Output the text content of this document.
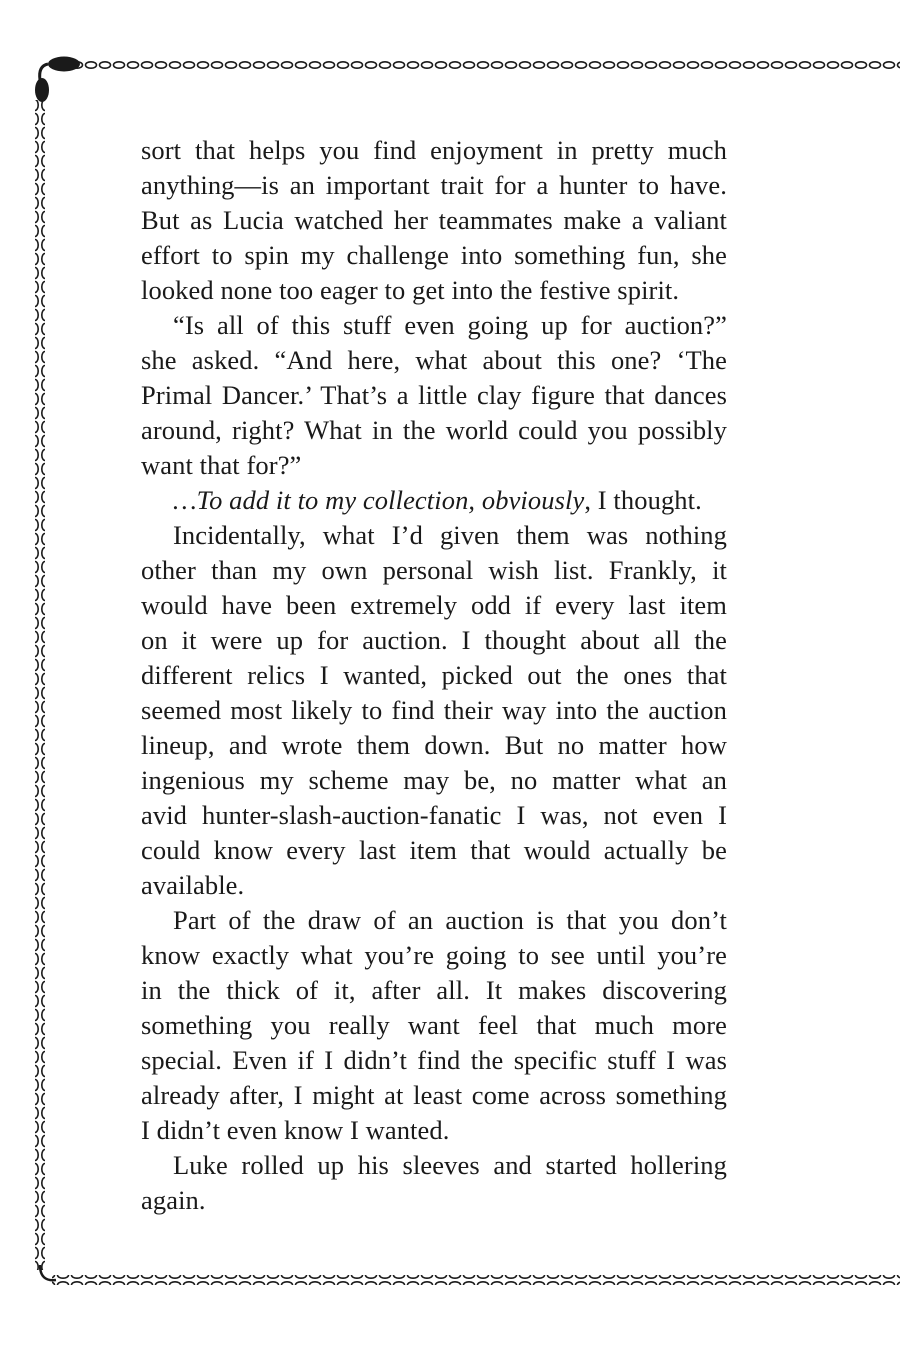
sort that helps you find enjoyment in pretty much
anything—is an important trait for a hunter to have.
But as Lucia watched her teammates make a valiant
effort to spin my challenge into something fun, she
looked none too eager to get into the festive spirit.
“Is all of this stuff even going up for auction?”
she asked. “And here, what about this one? ‘The
Primal Dancer.’ That’s a little clay figure that dances
around, right? What in the world could you possibly
want that for?”
…To add it to my collection, obviously, I thought.
Incidentally, what I’d given them was nothing
other than my own personal wish list. Frankly, it
would have been extremely odd if every last item
on it were up for auction. I thought about all the
different relics I wanted, picked out the ones that
seemed most likely to find their way into the auction
lineup, and wrote them down. But no matter how
ingenious my scheme may be, no matter what an
avid hunter-slash-auction-fanatic I was, not even I
could know every last item that would actually be
available.
Part of the draw of an auction is that you don’t
know exactly what you’re going to see until you’re
in the thick of it, after all. It makes discovering
something you really want feel that much more
special. Even if I didn’t find the specific stuff I was
already after, I might at least come across something
I didn’t even know I wanted.
Luke rolled up his sleeves and started hollering
again.
